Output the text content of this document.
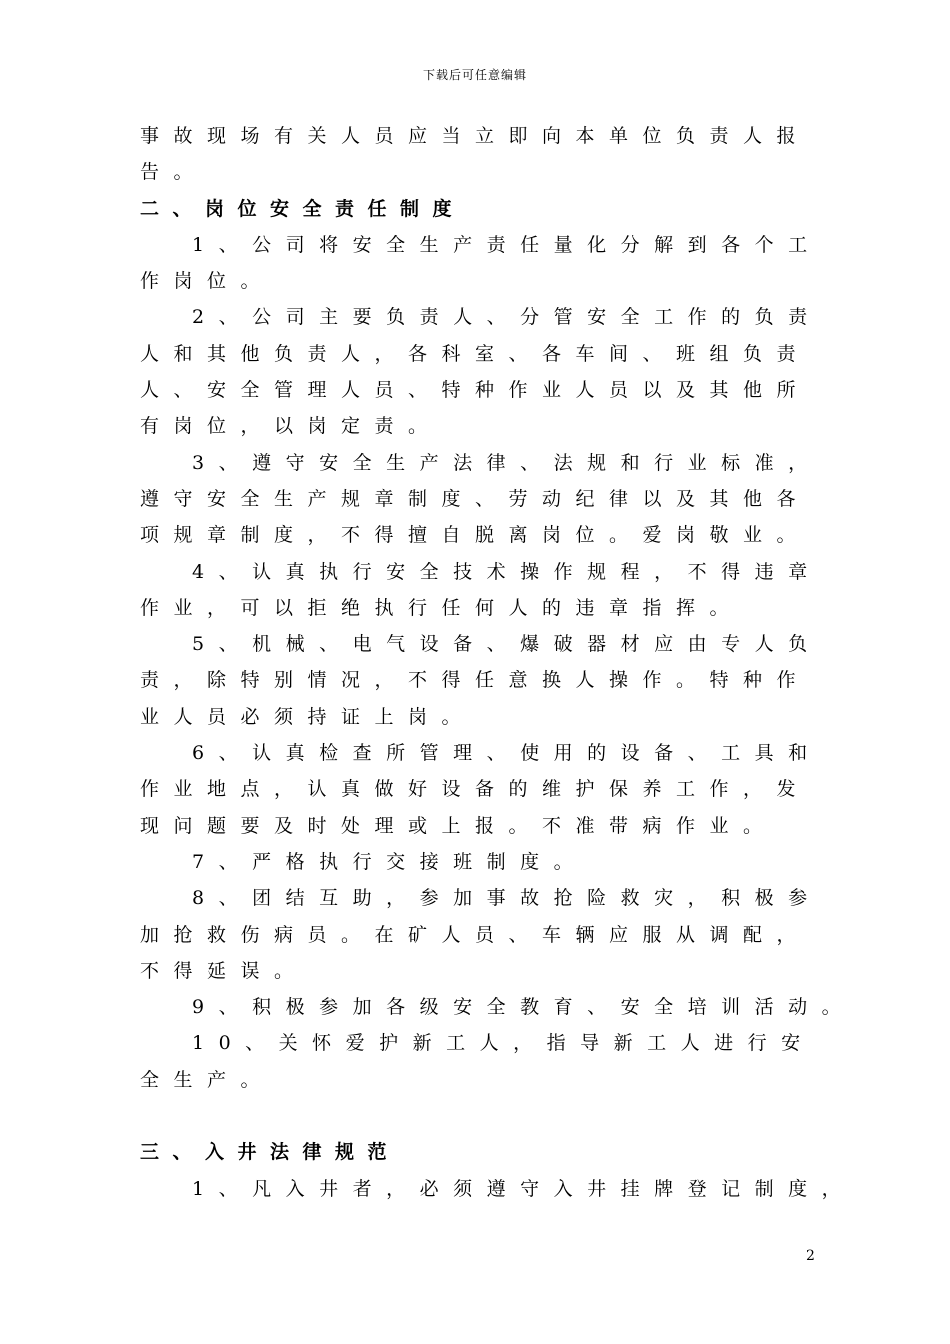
下载后可任意编辑
事故现场有关人员应当立即向本单位负责人报
告。
二、岗位安全责任制度
1、公司将安全生产责任量化分解到各个工
作岗位。
2、公司主要负责人、分管安全工作的负责
人和其他负责人，各科室、各车间、班组负责
人、安全管理人员、特种作业人员以及其他所
有岗位，以岗定责。
3、遵守安全生产法律、法规和行业标准，
遵守安全生产规章制度、劳动纪律以及其他各
项规章制度，不得擅自脱离岗位。爱岗敬业。
4、认真执行安全技术操作规程，不得违章
作业，可以拒绝执行任何人的违章指挥。
5、机械、电气设备、爆破器材应由专人负
责，除特别情况，不得任意换人操作。特种作
业人员必须持证上岗。
6、认真检查所管理、使用的设备、工具和
作业地点，认真做好设备的维护保养工作，发
现问题要及时处理或上报。不准带病作业。
7、严格执行交接班制度。
8、团结互助，参加事故抢险救灾，积极参
加抢救伤病员。在矿人员、车辆应服从调配，
不得延误。
9、积极参加各级安全教育、安全培训活动。
10、关怀爱护新工人，指导新工人进行安
全生产。
三、入井法律规范
1、凡入井者，必须遵守入井挂牌登记制度，
2
